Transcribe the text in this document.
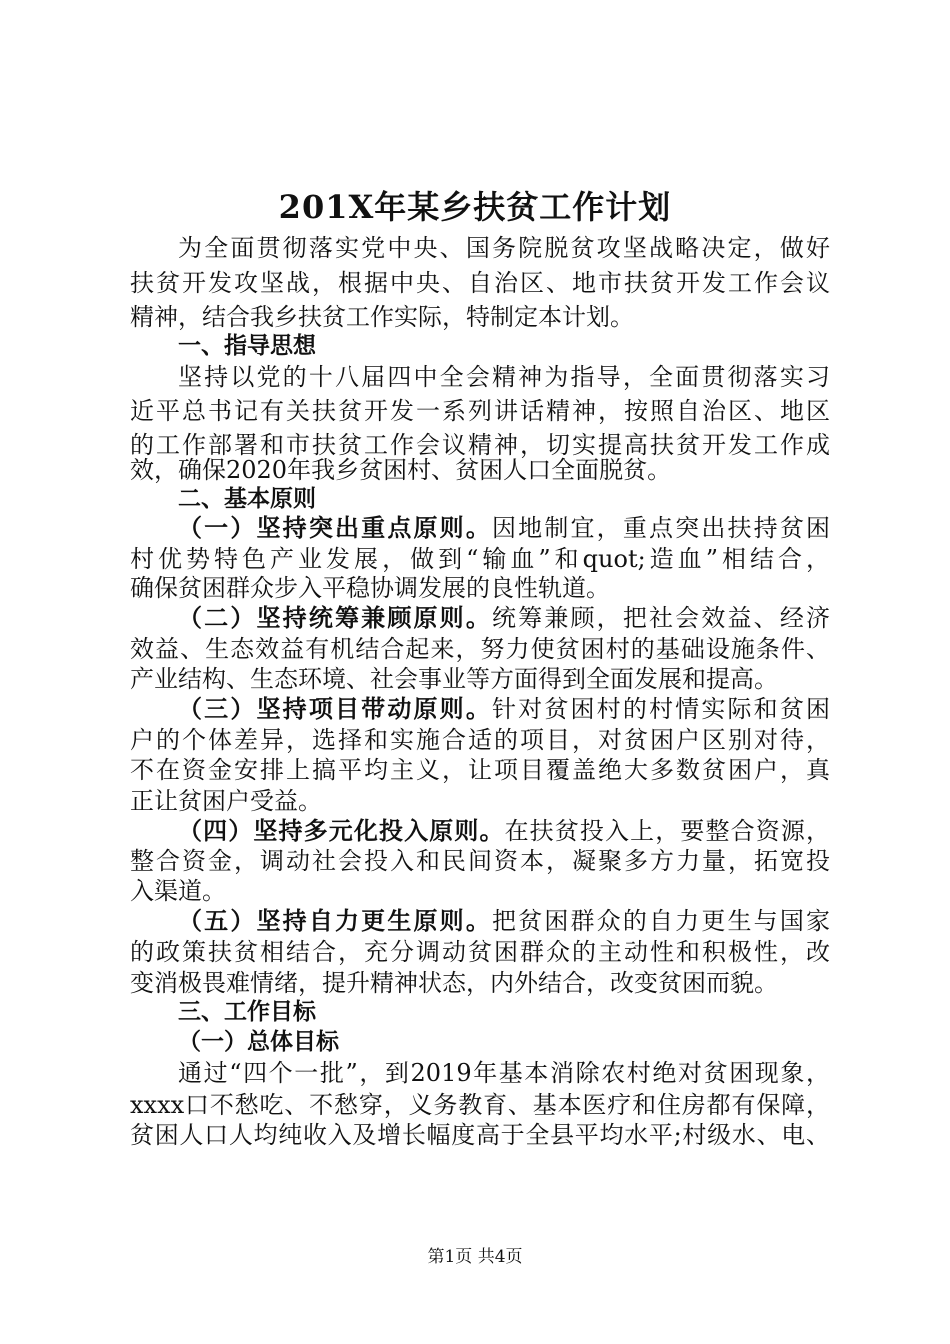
201X年某乡扶贫工作计划
为全面贯彻落实党中央、国务院脱贫攻坚战略决定，做好
扶贫开发攻坚战，根据中央、自治区、地市扶贫开发工作会议
精神，结合我乡扶贫工作实际，特制定本计划。
一、指导思想
坚持以党的十八届四中全会精神为指导，全面贯彻落实习
近平总书记有关扶贫开发一系列讲话精神，按照自治区、地区
的工作部署和市扶贫工作会议精神，切实提高扶贫开发工作成
效，确保2020年我乡贫困村、贫困人口全面脱贫。
二、基本原则
（一）坚持突出重点原则。因地制宜，重点突出扶持贫困
村优势特色产业发展，做到“输血”和quot;造血”相结合，
确保贫困群众步入平稳协调发展的良性轨道。
（二）坚持统筹兼顾原则。统筹兼顾，把社会效益、经济
效益、生态效益有机结合起来，努力使贫困村的基础设施条件、
产业结构、生态环境、社会事业等方面得到全面发展和提高。
（三）坚持项目带动原则。针对贫困村的村情实际和贫困
户的个体差异，选择和实施合适的项目，对贫困户区别对待，
不在资金安排上搞平均主义，让项目覆盖绝大多数贫困户，真
正让贫困户受益。
（四）坚持多元化投入原则。在扶贫投入上，要整合资源，
整合资金，调动社会投入和民间资本，凝聚多方力量，拓宽投
入渠道。
（五）坚持自力更生原则。把贫困群众的自力更生与国家
的政策扶贫相结合，充分调动贫困群众的主动性和积极性，改
变消极畏难情绪，提升精神状态，内外结合，改变贫困而貌。
三、工作目标
（一）总体目标
通过“四个一批”，到2019年基本消除农村绝对贫困现象，
xxxx口不愁吃、不愁穿，义务教育、基本医疗和住房都有保障，
贫困人口人均纯收入及增长幅度高于全县平均水平;村级水、电、
第1页 共4页
